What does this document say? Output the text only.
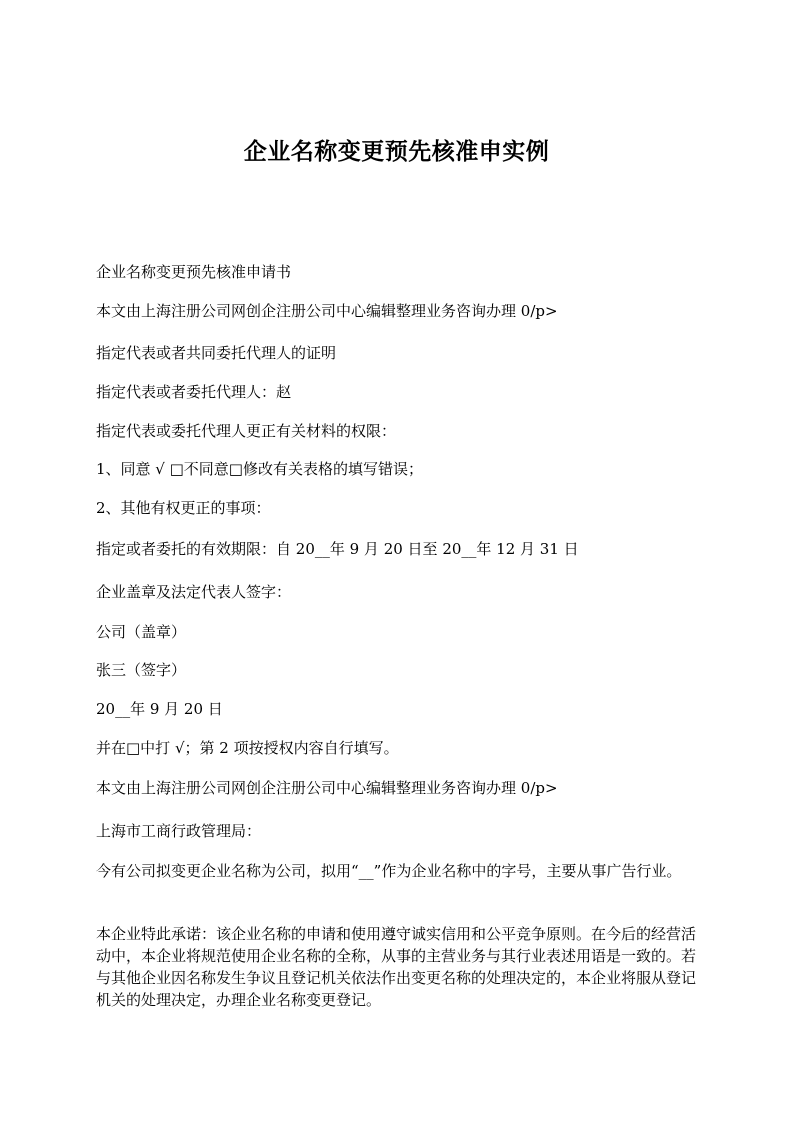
企业名称变更预先核准申实例
企业名称变更预先核准申请书
本文由上海注册公司网创企注册公司中心编辑整理业务咨询办理 0/p>
指定代表或者共同委托代理人的证明
指定代表或者委托代理人：赵
指定代表或委托代理人更正有关材料的权限：
1、同意 √ □不同意□修改有关表格的填写错误；
2、其他有权更正的事项：
指定或者委托的有效期限：自 20__年 9 月 20 日至 20__年 12 月 31 日
企业盖章及法定代表人签字：
公司（盖章）
张三（签字）
20__年 9 月 20 日
并在□中打 √；第 2 项按授权内容自行填写。
本文由上海注册公司网创企注册公司中心编辑整理业务咨询办理 0/p>
上海市工商行政管理局：
今有公司拟变更企业名称为公司，拟用“__”作为企业名称中的字号，主要从事广告行业。
本企业特此承诺：该企业名称的申请和使用遵守诚实信用和公平竞争原则。在今后的经营活动中，本企业将规范使用企业名称的全称，从事的主营业务与其行业表述用语是一致的。若与其他企业因名称发生争议且登记机关依法作出变更名称的处理决定的，本企业将服从登记机关的处理决定，办理企业名称变更登记。
